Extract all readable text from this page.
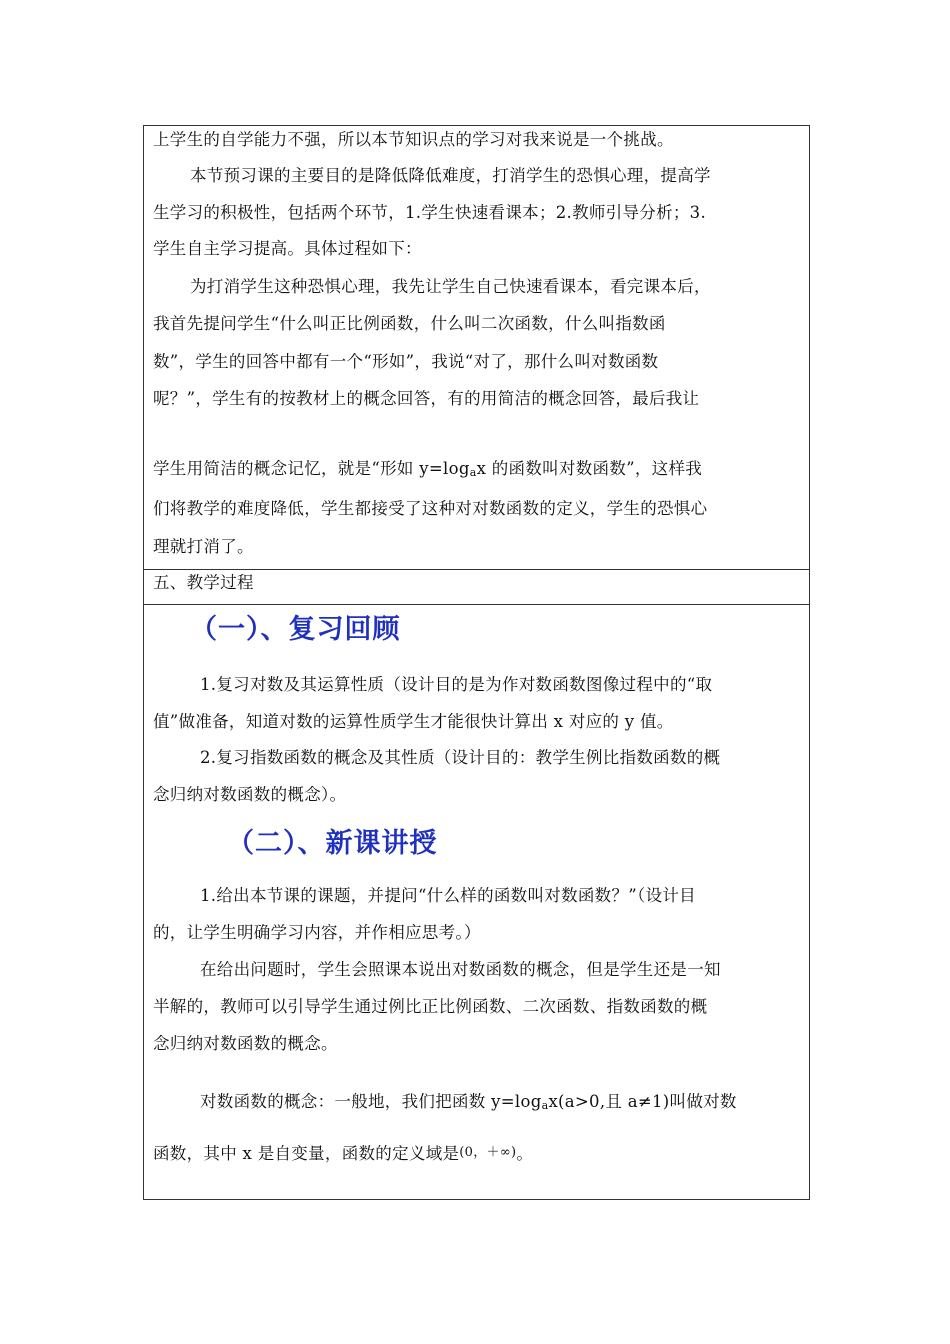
上学生的自学能力不强，所以本节知识点的学习对我来说是一个挑战。
本节预习课的主要目的是降低降低难度，打消学生的恐惧心理，提高学
生学习的积极性，包括两个环节，1.学生快速看课本；2.教师引导分析；3.
学生自主学习提高。具体过程如下：
为打消学生这种恐惧心理，我先让学生自己快速看课本，看完课本后，
我首先提问学生“什么叫正比例函数，什么叫二次函数，什么叫指数函
数”，学生的回答中都有一个“形如”，我说“对了，那什么叫对数函数
呢？”，学生有的按教材上的概念回答，有的用简洁的概念回答，最后我让
学生用简洁的概念记忆，就是“形如 y=logax 的函数叫对数函数”，这样我
们将教学的难度降低，学生都接受了这种对对数函数的定义，学生的恐惧心
理就打消了。
五、教学过程
（一）、复习回顾
1.复习对数及其运算性质（设计目的是为作对数函数图像过程中的“取
值”做准备，知道对数的运算性质学生才能很快计算出 x 对应的 y 值。
2.复习指数函数的概念及其性质（设计目的：教学生例比指数函数的概
念归纳对数函数的概念）。
（二）、新课讲授
1.给出本节课的课题，并提问“什么样的函数叫对数函数？”（设计目
的，让学生明确学习内容，并作相应思考。）
在给出问题时，学生会照课本说出对数函数的概念，但是学生还是一知
半解的，教师可以引导学生通过例比正比例函数、二次函数、指数函数的概
念归纳对数函数的概念。
对数函数的概念：一般地，我们把函数 y=logax(a>0,且 a≠1)叫做对数
函数，其中 x 是自变量，函数的定义域是(0，＋∞)。
